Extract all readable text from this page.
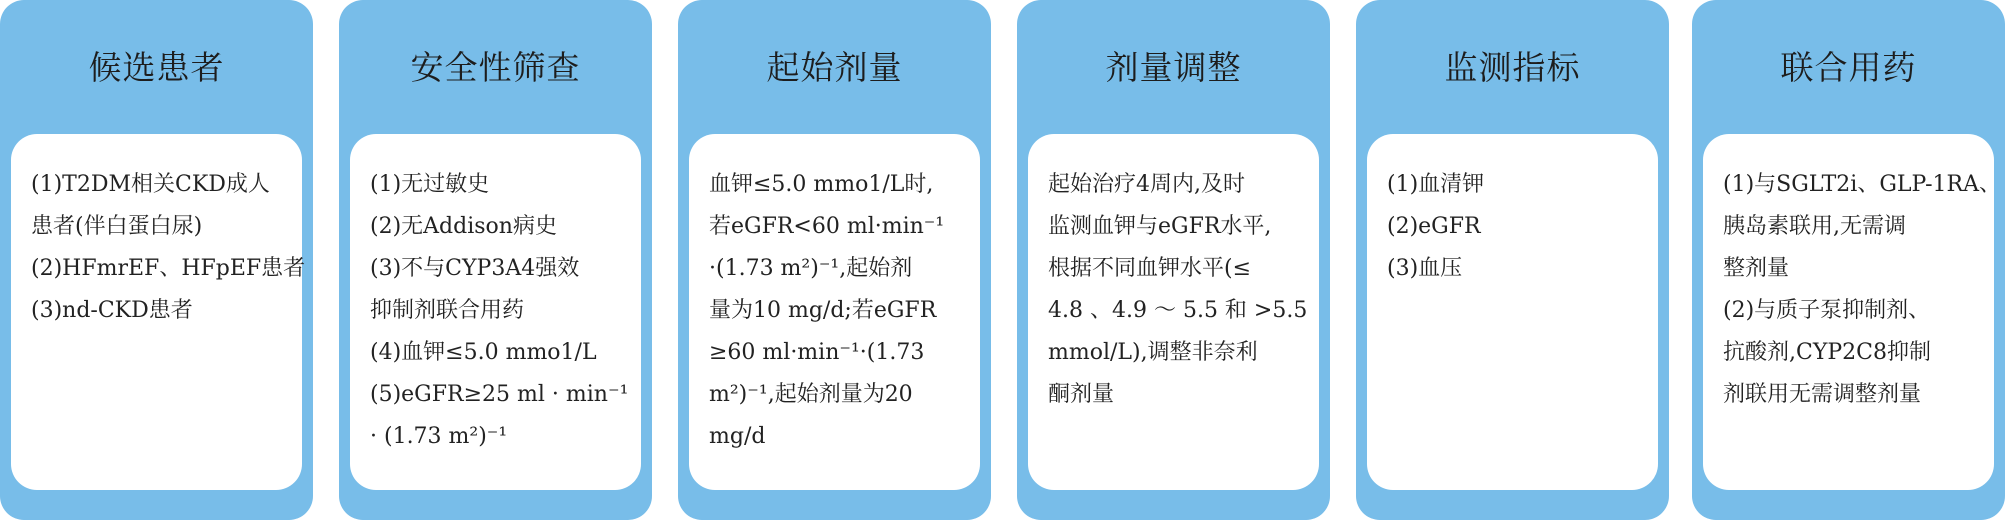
候选患者
(1)T2DM相关CKD成人
患者(伴白蛋白尿)
(2)HFmrEF、HFpEF患者
(3)nd-CKD患者
安全性筛查
(1)无过敏史
(2)无Addison病史
(3)不与CYP3A4强效
抑制剂联合用药
(4)血钾≤5.0 mmo1/L
(5)eGFR≥25 ml · min⁻¹
· (1.73 m²)⁻¹
起始剂量
血钾≤5.0 mmo1/L时,
若eGFR<60 ml·min⁻¹
·(1.73 m²)⁻¹,起始剂
量为10 mg/d;若eGFR
≥60 ml·min⁻¹·(1.73
m²)⁻¹,起始剂量为20
mg/d
剂量调整
起始治疗4周内,及时
监测血钾与eGFR水平,
根据不同血钾水平(≤
4.8 、4.9 ～ 5.5 和 >5.5
mmol/L),调整非奈利
酮剂量
监测指标
(1)血清钾
(2)eGFR
(3)血压
联合用药
(1)与SGLT2i、GLP-1RA、
胰岛素联用,无需调
整剂量
(2)与质子泵抑制剂、
抗酸剂,CYP2C8抑制
剂联用无需调整剂量
